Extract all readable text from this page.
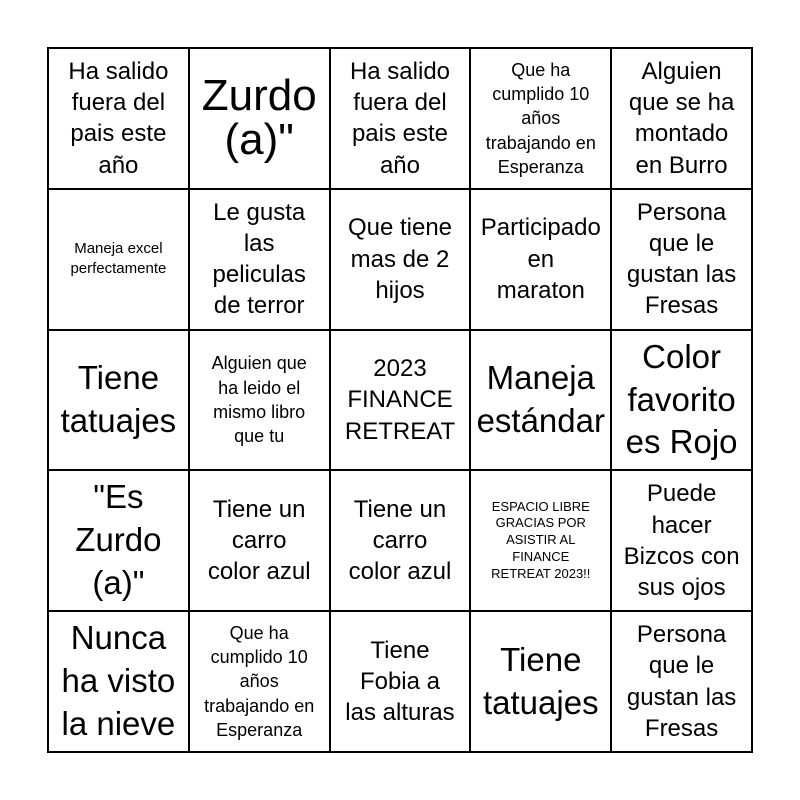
Ha salido
fuera del
pais este
año
Zurdo
(a)"
Ha salido
fuera del
pais este
año
Que ha
cumplido 10
años
trabajando en
Esperanza
Alguien
que se ha
montado
en Burro
Maneja excel
perfectamente
Le gusta
las
peliculas
de terror
Que tiene
mas de 2
hijos
Participado
en
maraton
Persona
que le
gustan las
Fresas
Tiene
tatuajes
Alguien que
ha leido el
mismo libro
que tu
2023
FINANCE
RETREAT
Maneja
estándar
Color
favorito
es Rojo
"Es
Zurdo
(a)"
Tiene un
carro
color azul
Tiene un
carro
color azul
ESPACIO LIBRE
GRACIAS POR
ASISTIR AL
FINANCE
RETREAT 2023!!
Puede
hacer
Bizcos con
sus ojos
Nunca
ha visto
la nieve
Que ha
cumplido 10
años
trabajando en
Esperanza
Tiene
Fobia a
las alturas
Tiene
tatuajes
Persona
que le
gustan las
Fresas
